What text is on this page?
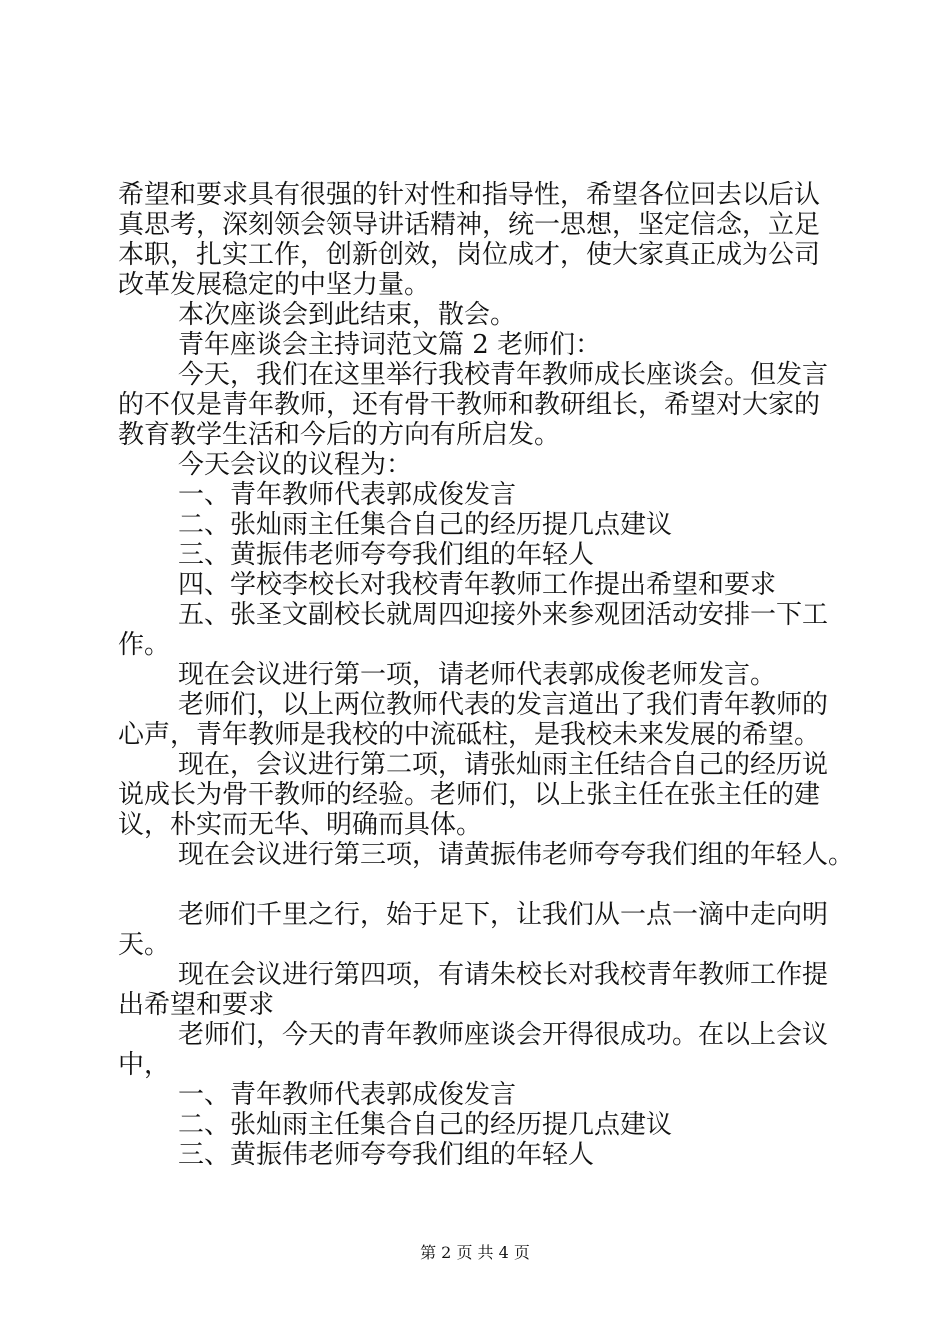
希望和要求具有很强的针对性和指导性，希望各位回去以后认

真思考，深刻领会领导讲话精神，统一思想，坚定信念，立足

本职，扎实工作，创新创效，岗位成才，使大家真正成为公司

改革发展稳定的中坚力量。

本次座谈会到此结束，散会。

青年座谈会主持词范文篇 2 老师们：

今天，我们在这里举行我校青年教师成长座谈会。但发言

的不仅是青年教师，还有骨干教师和教研组长，希望对大家的

教育教学生活和今后的方向有所启发。

今天会议的议程为：

一、青年教师代表郭成俊发言

二、张灿雨主任集合自己的经历提几点建议

三、黄振伟老师夸夸我们组的年轻人

四、学校李校长对我校青年教师工作提出希望和要求

五、张圣文副校长就周四迎接外来参观团活动安排一下工

作。

现在会议进行第一项，请老师代表郭成俊老师发言。

老师们，以上两位教师代表的发言道出了我们青年教师的

心声，青年教师是我校的中流砥柱，是我校未来发展的希望。

现在，会议进行第二项，请张灿雨主任结合自己的经历说

说成长为骨干教师的经验。老师们，以上张主任在张主任的建

议，朴实而无华、明确而具体。

现在会议进行第三项，请黄振伟老师夸夸我们组的年轻人。

老师们千里之行，始于足下，让我们从一点一滴中走向明

天。

现在会议进行第四项，有请朱校长对我校青年教师工作提

出希望和要求

老师们，今天的青年教师座谈会开得很成功。在以上会议

中，

一、青年教师代表郭成俊发言

二、张灿雨主任集合自己的经历提几点建议

三、黄振伟老师夸夸我们组的年轻人

第 2 页 共 4 页
